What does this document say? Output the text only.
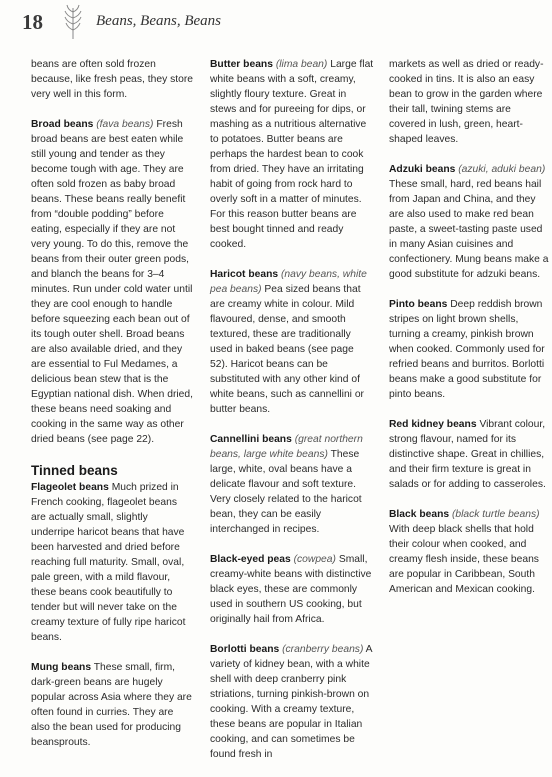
18	Beans, Beans, Beans

beans are often sold frozen because, like fresh peas, they store very well in this form.

Broad beans (fava beans) Fresh broad beans are best eaten while still young and tender as they become tough with age. They are often sold frozen as baby broad beans. These beans really benefit from “double podding” before eating, especially if they are not very young. To do this, remove the beans from their outer green pods, and blanch the beans for 3–4 minutes. Run under cold water until they are cool enough to handle before squeezing each bean out of its tough outer shell. Broad beans are also available dried, and they are essential to Ful Medames, a delicious bean stew that is the Egyptian national dish. When dried, these beans need soaking and cooking in the same way as other dried beans (see page 22).

Tinned beans

Flageolet beans Much prized in French cooking, flageolet beans are actually small, slightly underripe haricot beans that have been harvested and dried before reaching full maturity. Small, oval, pale green, with a mild flavour, these beans cook beautifully to tender but will never take on the creamy texture of fully ripe haricot beans.

Mung beans These small, firm, dark-green beans are hugely popular across Asia where they are often found in curries. They are also the bean used for producing beansprouts.

Butter beans (lima bean) Large flat white beans with a soft, creamy, slightly floury texture. Great in stews and for pureeing for dips, or mashing as a nutritious alternative to potatoes. Butter beans are perhaps the hardest bean to cook from dried. They have an irritating habit of going from rock hard to overly soft in a matter of minutes. For this reason butter beans are best bought tinned and ready cooked.

Haricot beans (navy beans, white pea beans) Pea sized beans that are creamy white in colour. Mild flavoured, dense, and smooth textured, these are traditionally used in baked beans (see page 52). Haricot beans can be substituted with any other kind of white beans, such as cannellini or butter beans.

Cannellini beans (great northern beans, large white beans) These large, white, oval beans have a delicate flavour and soft texture. Very closely related to the haricot bean, they can be easily interchanged in recipes.

Black-eyed peas (cowpea) Small, creamy-white beans with distinctive black eyes, these are commonly used in southern US cooking, but originally hail from Africa.

Borlotti beans (cranberry beans) A variety of kidney bean, with a white shell with deep cranberry pink striations, turning pinkish-brown on cooking. With a creamy texture, these beans are popular in Italian cooking, and can sometimes be found fresh in

markets as well as dried or ready-cooked in tins. It is also an easy bean to grow in the garden where their tall, twining stems are covered in lush, green, heart-shaped leaves.

Adzuki beans (azuki, aduki bean) These small, hard, red beans hail from Japan and China, and they are also used to make red bean paste, a sweet-tasting paste used in many Asian cuisines and confectionery. Mung beans make a good substitute for adzuki beans.

Pinto beans Deep reddish brown stripes on light brown shells, turning a creamy, pinkish brown when cooked. Commonly used for refried beans and burritos. Borlotti beans make a good substitute for pinto beans.

Red kidney beans Vibrant colour, strong flavour, named for its distinctive shape. Great in chillies, and their firm texture is great in salads or for adding to casseroles.

Black beans (black turtle beans) With deep black shells that hold their colour when cooked, and creamy flesh inside, these beans are popular in Caribbean, South American and Mexican cooking.
